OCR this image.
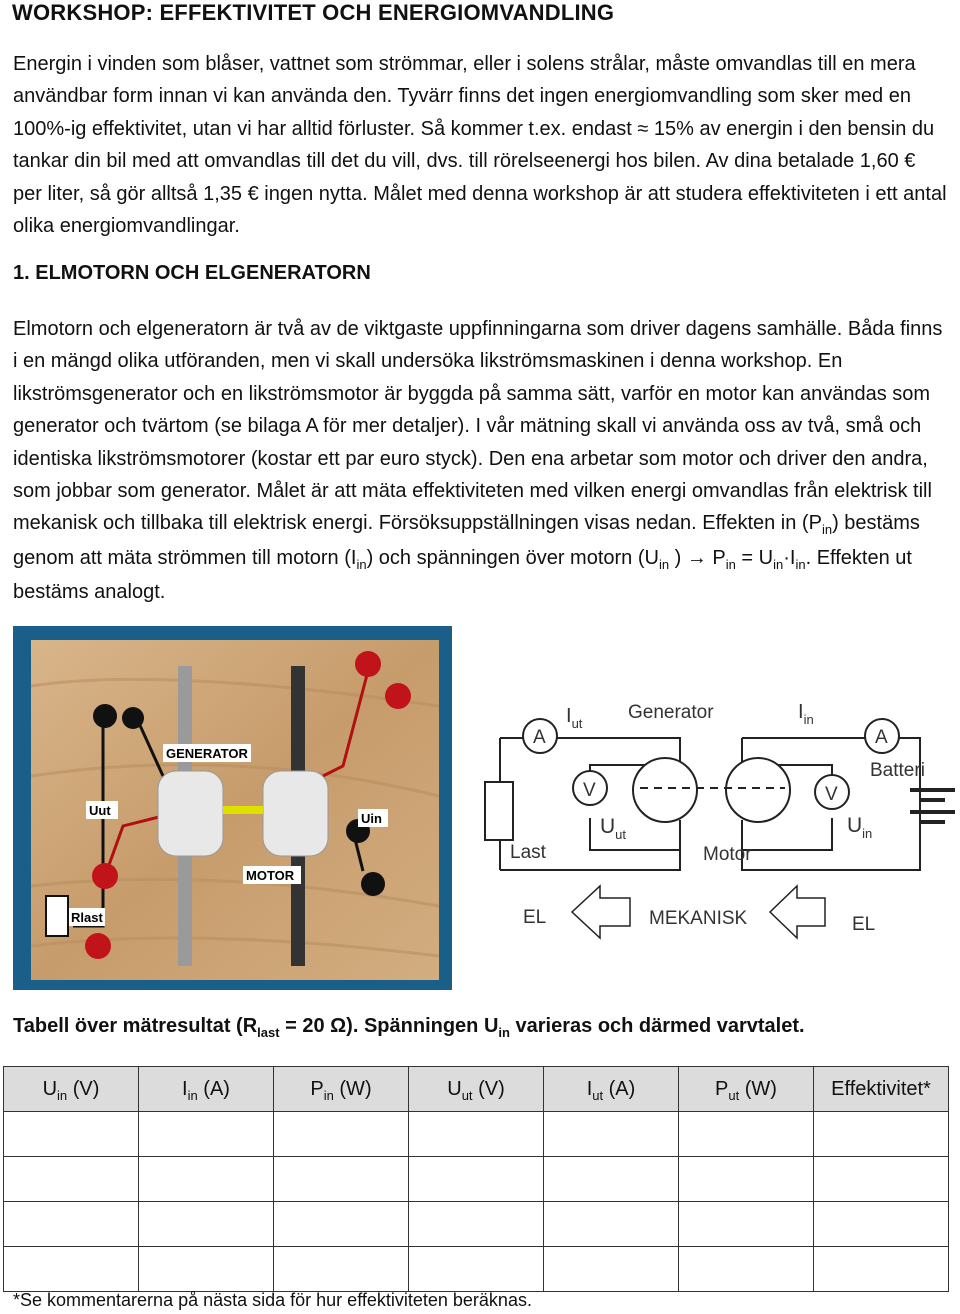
WORKSHOP: EFFEKTIVITET OCH ENERGIOMVANDLING
Energin i vinden som blåser, vattnet som strömmar, eller i solens strålar, måste omvandlas till en mera användbar form innan vi kan använda den. Tyvärr finns det ingen energiomvandling som sker med en 100%-ig effektivitet, utan vi har alltid förluster. Så kommer t.ex. endast ≈ 15% av energin i den bensin du tankar din bil med att omvandlas till det du vill, dvs. till rörelseenergi hos bilen. Av dina betalade 1,60 € per liter, så gör alltså 1,35 € ingen nytta. Målet med denna workshop är att studera effektiviteten i ett antal olika energiomvandlingar.
1. ELMOTORN OCH ELGENERATORN
Elmotorn och elgeneratorn är två av de viktgaste uppfinningarna som driver dagens samhälle. Båda finns i en mängd olika utföranden, men vi skall undersöka likströmsmaskinen i denna workshop. En likströmsgenerator och en likströmsmotor är byggda på samma sätt, varför en motor kan användas som generator och tvärtom (se bilaga A för mer detaljer). I vår mätning skall vi använda oss av två, små och identiska likströmsmotorer (kostar ett par euro styck). Den ena arbetar som motor och driver den andra, som jobbar som generator. Målet är att mäta effektiviteten med vilken energi omvandlas från elektrisk till mekanisk och tillbaka till elektrisk energi. Försöksuppställningen visas nedan. Effekten in $(P_{in})$ bestäms genom att mäta strömmen till motorn $(I_{in})$ och spänningen över motorn ($U_{in}$ ) → $P_{in} = U_{in}\cdot I_{in}$. Effekten ut bestäms analogt.
GENERATOR
Uut
Uin
MOTOR
Rlast
A	A
V	V
$I_{ut}$
$I_{in}$
Generator
Batteri
Last	Motor
$U_{ut}$	$U_{in}$
EL	MEKANISK	EL
Tabell över mätresultat ($R_{last} = 20$ Ω). Spänningen $U_{in}$ varieras och därmed varvtalet.
$U_{in}$ (V)	$I_{in}$ (A)	$P_{in}$ (W)	$U_{ut}$ (V)	$I_{ut}$ (A)	$P_{ut}$ (W)	Effektivitet*

*Se kommentarerna på nästa sida för hur effektiviteten beräknas.
